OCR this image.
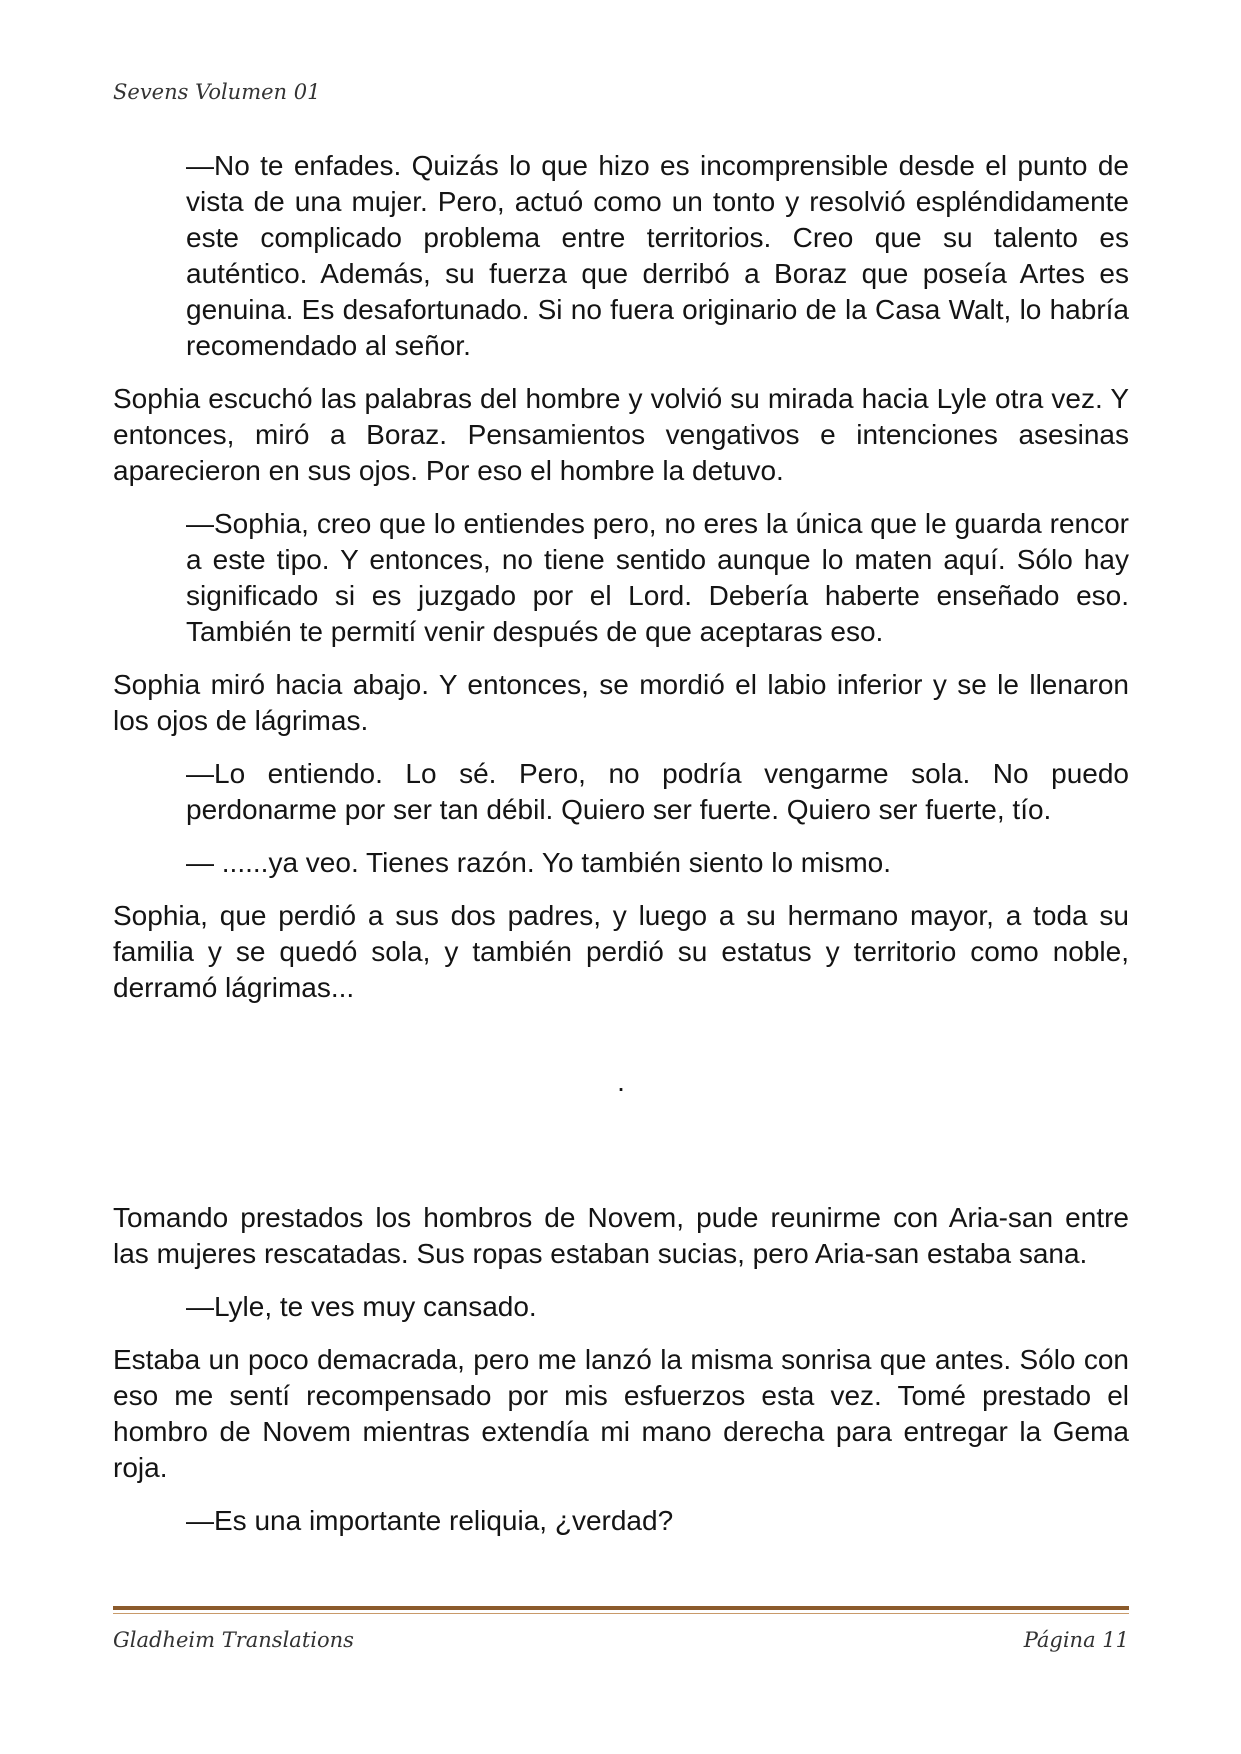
Sevens Volumen 01

—No te enfades. Quizás lo que hizo es incomprensible desde el punto de vista de una mujer. Pero, actuó como un tonto y resolvió espléndidamente este complicado problema entre territorios. Creo que su talento es auténtico. Además, su fuerza que derribó a Boraz que poseía Artes es genuina. Es desafortunado. Si no fuera originario de la Casa Walt, lo habría recomendado al señor.

Sophia escuchó las palabras del hombre y volvió su mirada hacia Lyle otra vez. Y entonces, miró a Boraz. Pensamientos vengativos e intenciones asesinas aparecieron en sus ojos. Por eso el hombre la detuvo.

—Sophia, creo que lo entiendes pero, no eres la única que le guarda rencor a este tipo. Y entonces, no tiene sentido aunque lo maten aquí. Sólo hay significado si es juzgado por el Lord. Debería haberte enseñado eso. También te permití venir después de que aceptaras eso.

Sophia miró hacia abajo. Y entonces, se mordió el labio inferior y se le llenaron los ojos de lágrimas.

—Lo entiendo. Lo sé. Pero, no podría vengarme sola. No puedo perdonarme por ser tan débil. Quiero ser fuerte. Quiero ser fuerte, tío.

— ......ya veo. Tienes razón. Yo también siento lo mismo.

Sophia, que perdió a sus dos padres, y luego a su hermano mayor, a toda su familia y se quedó sola, y también perdió su estatus y territorio como noble, derramó lágrimas...

.

Tomando prestados los hombros de Novem, pude reunirme con Aria-san entre las mujeres rescatadas. Sus ropas estaban sucias, pero Aria-san estaba sana.

—Lyle, te ves muy cansado.

Estaba un poco demacrada, pero me lanzó la misma sonrisa que antes. Sólo con eso me sentí recompensado por mis esfuerzos esta vez. Tomé prestado el hombro de Novem mientras extendía mi mano derecha para entregar la Gema roja.

—Es una importante reliquia, ¿verdad?

Gladheim Translations	Página 11
